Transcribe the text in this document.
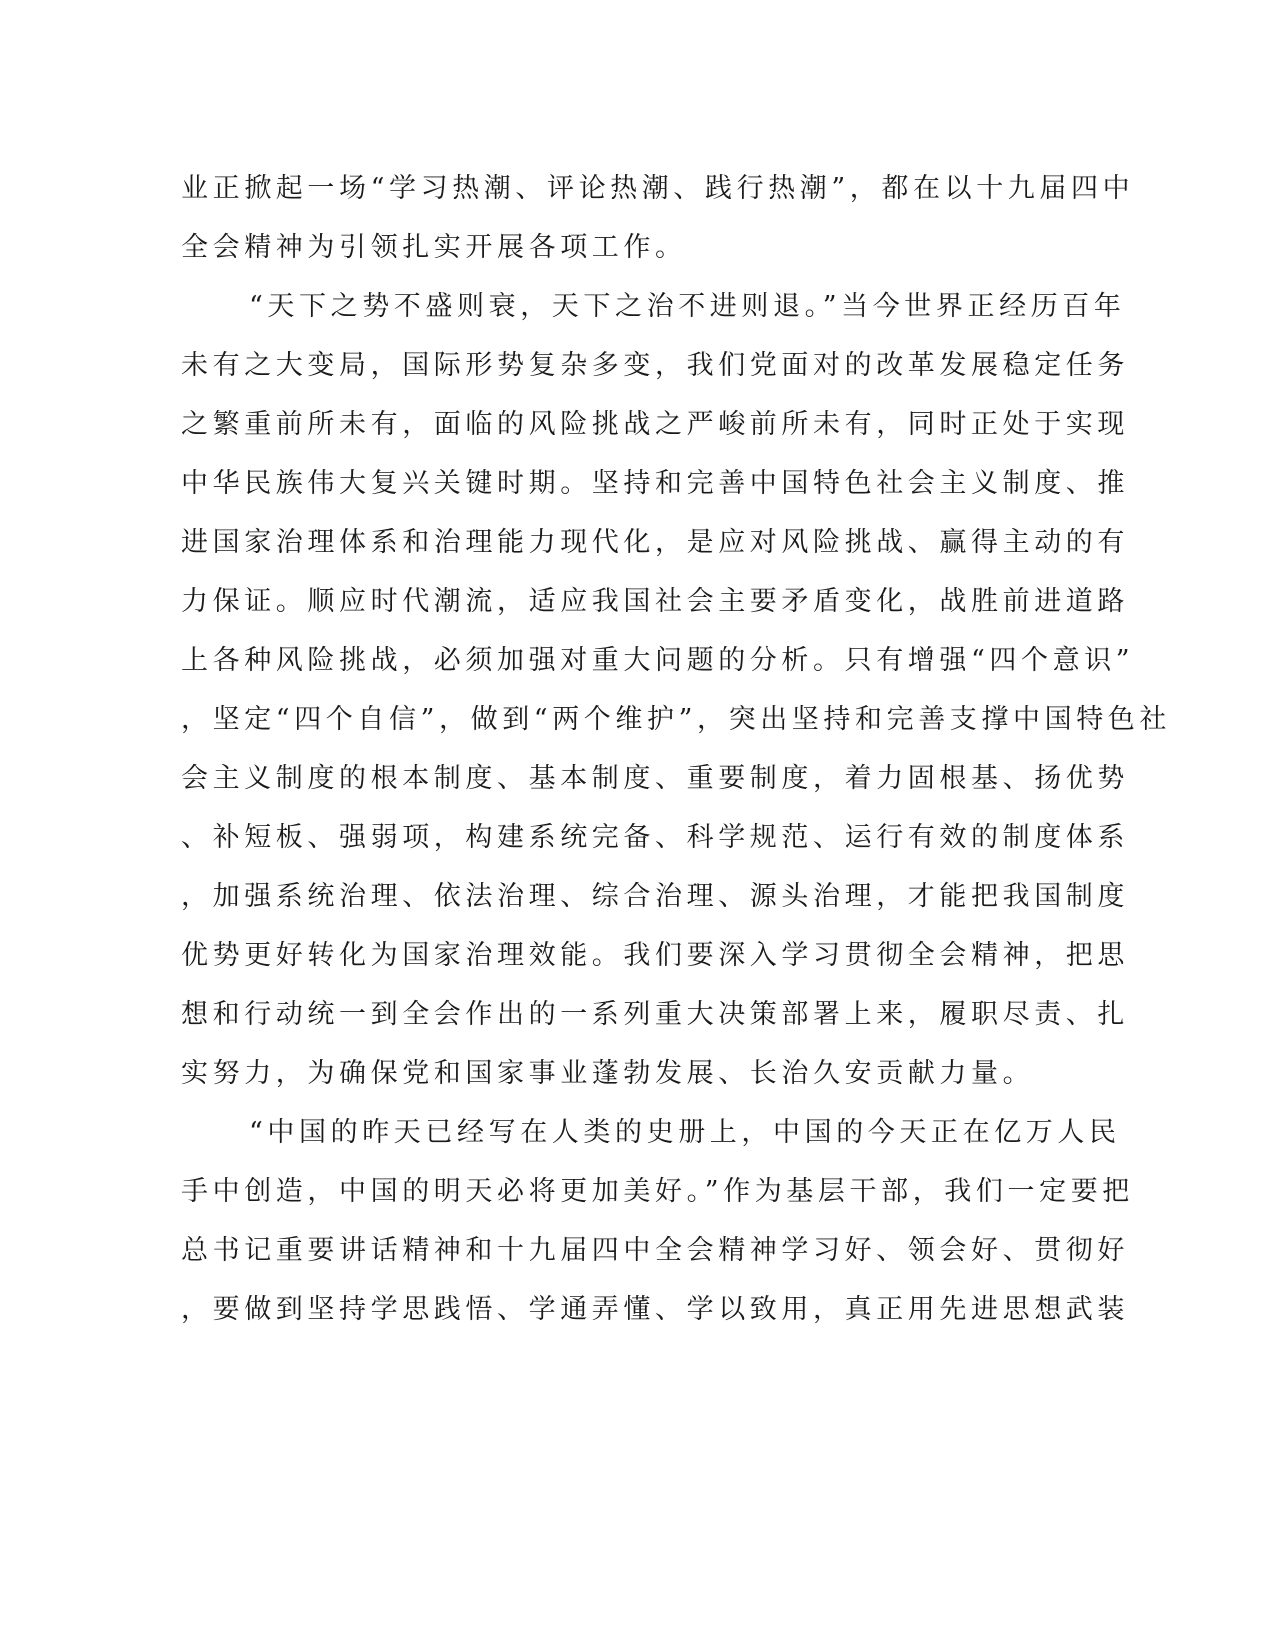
业正掀起一场“学习热潮、评论热潮、践行热潮”，都在以十九届四中
全会精神为引领扎实开展各项工作。
“天下之势不盛则衰，天下之治不进则退。”当今世界正经历百年
未有之大变局，国际形势复杂多变，我们党面对的改革发展稳定任务
之繁重前所未有，面临的风险挑战之严峻前所未有，同时正处于实现
中华民族伟大复兴关键时期。坚持和完善中国特色社会主义制度、推
进国家治理体系和治理能力现代化，是应对风险挑战、赢得主动的有
力保证。顺应时代潮流，适应我国社会主要矛盾变化，战胜前进道路
上各种风险挑战，必须加强对重大问题的分析。只有增强“四个意识”
，坚定“四个自信”，做到“两个维护”，突出坚持和完善支撑中国特色社
会主义制度的根本制度、基本制度、重要制度，着力固根基、扬优势
、补短板、强弱项，构建系统完备、科学规范、运行有效的制度体系
，加强系统治理、依法治理、综合治理、源头治理，才能把我国制度
优势更好转化为国家治理效能。我们要深入学习贯彻全会精神，把思
想和行动统一到全会作出的一系列重大决策部署上来，履职尽责、扎
实努力，为确保党和国家事业蓬勃发展、长治久安贡献力量。
“中国的昨天已经写在人类的史册上，中国的今天正在亿万人民
手中创造，中国的明天必将更加美好。”作为基层干部，我们一定要把
总书记重要讲话精神和十九届四中全会精神学习好、领会好、贯彻好
，要做到坚持学思践悟、学通弄懂、学以致用，真正用先进思想武装
